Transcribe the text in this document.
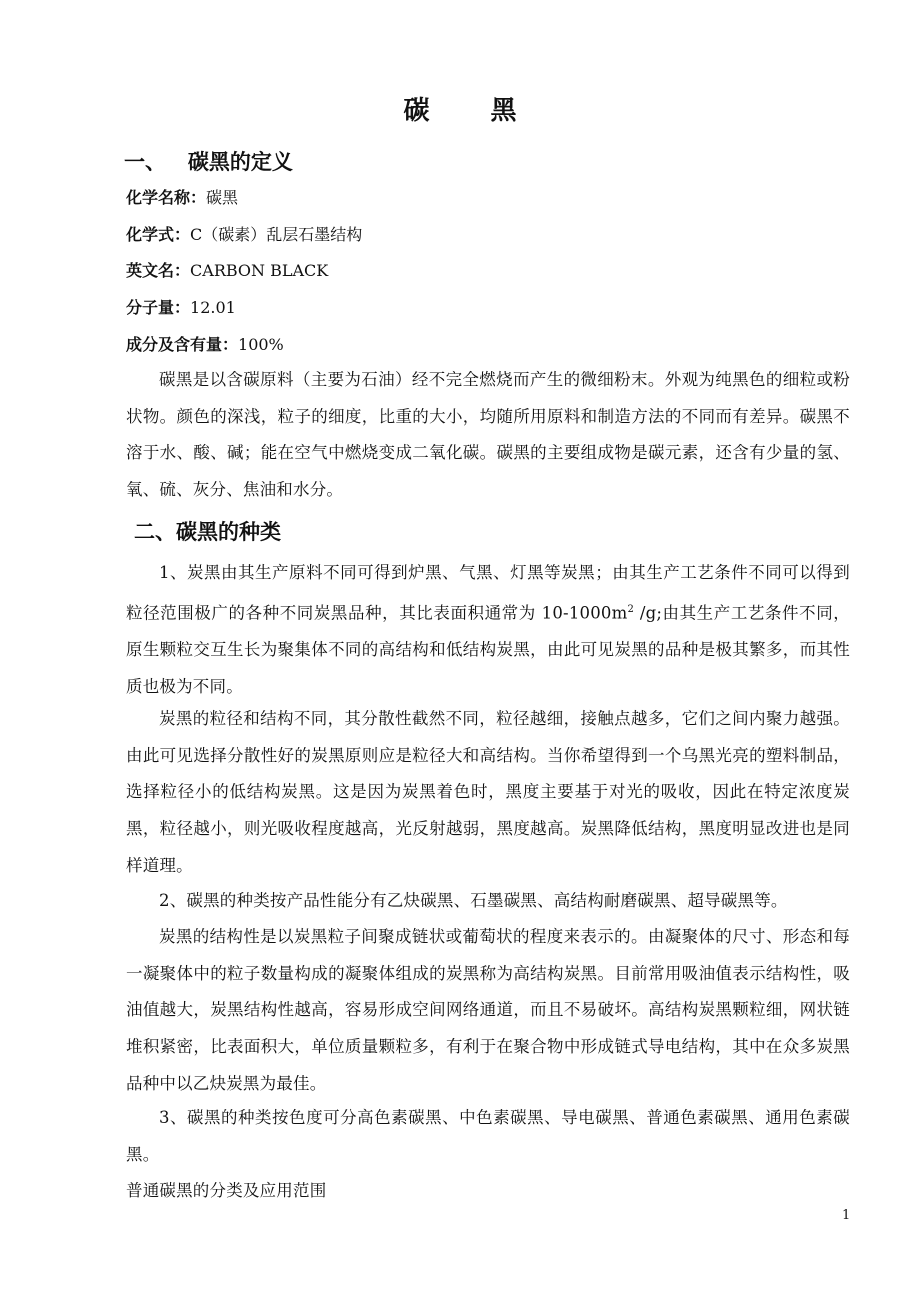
碳 黑
一、   碳黑的定义
化学名称：碳黑
化学式：C（碳素）乱层石墨结构
英文名：CARBON BLACK
分子量：12.01
成分及含有量：100%

碳黑是以含碳原料（主要为石油）经不完全燃烧而产生的微细粉末。外观为纯黑色的细粒或粉状物。颜色的深浅，粒子的细度，比重的大小，均随所用原料和制造方法的不同而有差异。碳黑不溶于水、酸、碱；能在空气中燃烧变成二氧化碳。碳黑的主要组成物是碳元素，还含有少量的氢、氧、硫、灰分、焦油和水分。

二、碳黑的种类

1、炭黑由其生产原料不同可得到炉黑、气黑、灯黑等炭黑；由其生产工艺条件不同可以得到粒径范围极广的各种不同炭黑品种，其比表面积通常为 $10-1000m^2$ /g;由其生产工艺条件不同，原生颗粒交互生长为聚集体不同的高结构和低结构炭黑，由此可见炭黑的品种是极其繁多，而其性质也极为不同。

炭黑的粒径和结构不同，其分散性截然不同，粒径越细，接触点越多，它们之间内聚力越强。由此可见选择分散性好的炭黑原则应是粒径大和高结构。当你希望得到一个乌黑光亮的塑料制品，选择粒径小的低结构炭黑。这是因为炭黑着色时，黑度主要基于对光的吸收，因此在特定浓度炭黑，粒径越小，则光吸收程度越高，光反射越弱，黑度越高。炭黑降低结构，黑度明显改进也是同样道理。

2、碳黑的种类按产品性能分有乙炔碳黑、石墨碳黑、高结构耐磨碳黑、超导碳黑等。

炭黑的结构性是以炭黑粒子间聚成链状或葡萄状的程度来表示的。由凝聚体的尺寸、形态和每一凝聚体中的粒子数量构成的凝聚体组成的炭黑称为高结构炭黑。目前常用吸油值表示结构性，吸油值越大，炭黑结构性越高，容易形成空间网络通道，而且不易破坏。高结构炭黑颗粒细，网状链堆积紧密，比表面积大，单位质量颗粒多，有利于在聚合物中形成链式导电结构，其中在众多炭黑品种中以乙炔炭黑为最佳。

3、碳黑的种类按色度可分高色素碳黑、中色素碳黑、导电碳黑、普通色素碳黑、通用色素碳黑。

普通碳黑的分类及应用范围

1
